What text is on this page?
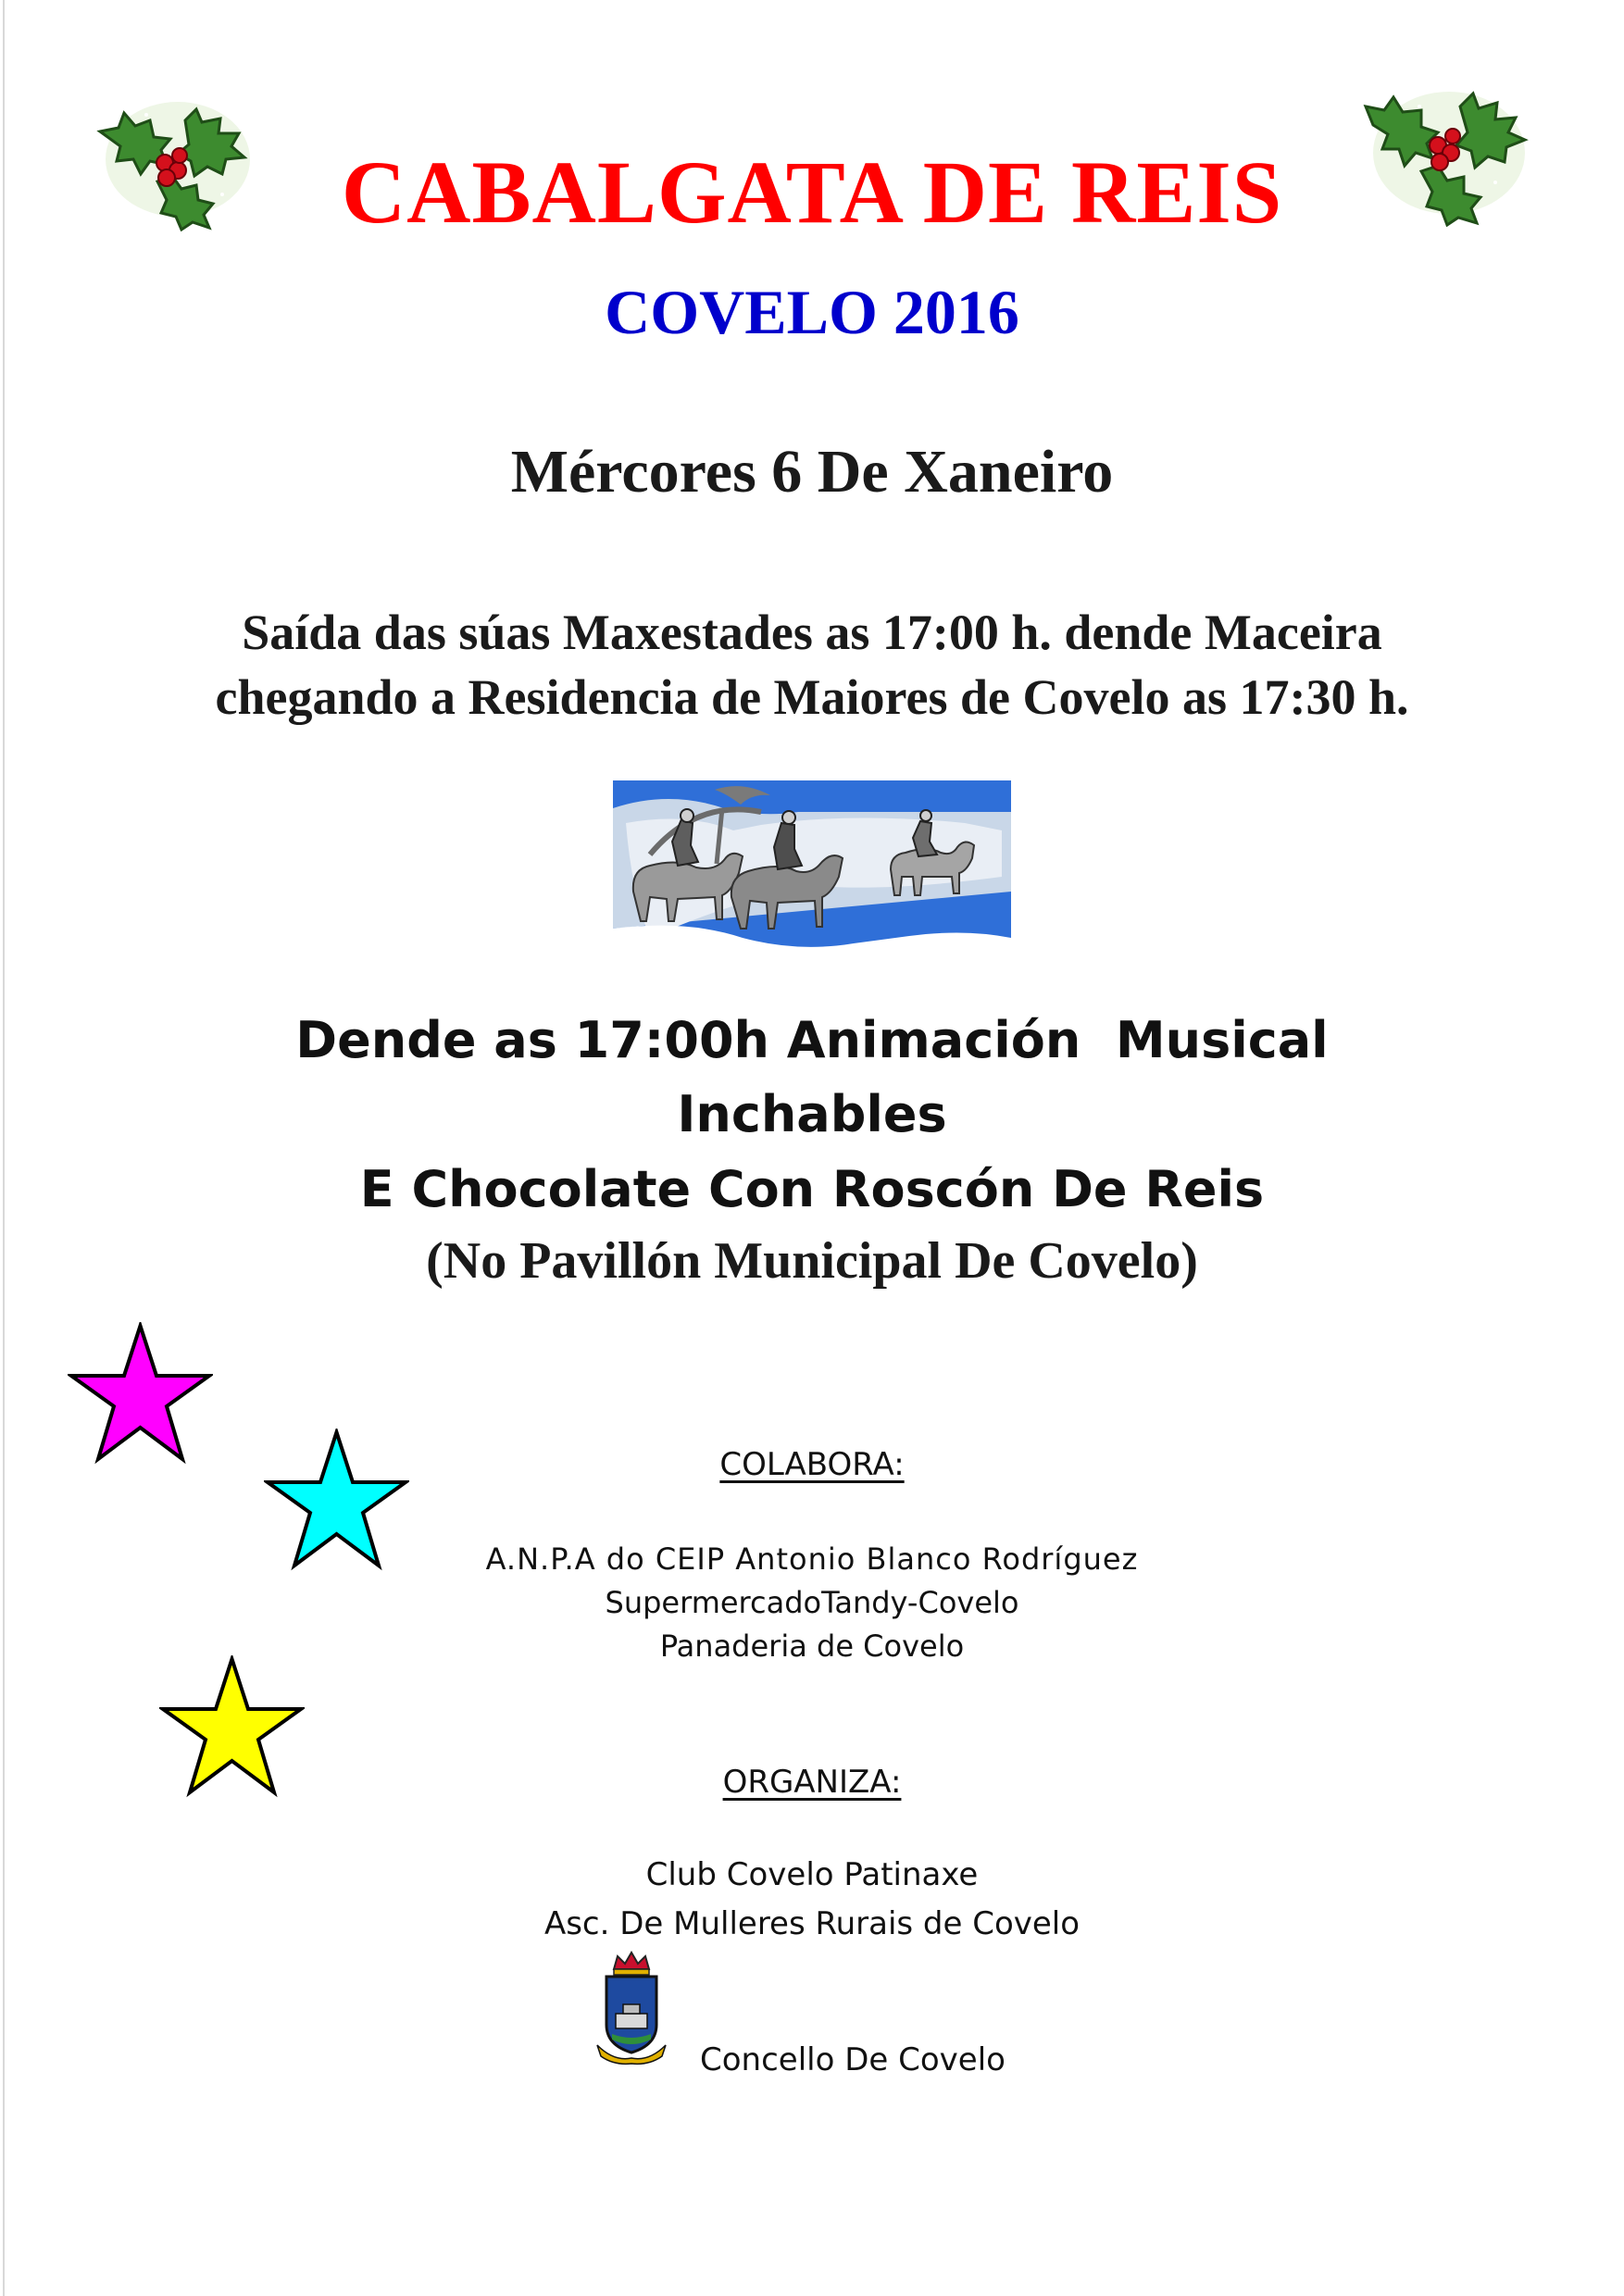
CABALGATA DE REIS
COVELO 2016
Mércores 6 De Xaneiro
Saída das súas Maxestades as 17:00 h. dende Maceira
chegando a Residencia de Maiores de Covelo as 17:30 h.
Dende as 17:00h Animación  Musical
Inchables
E Chocolate Con Roscón De Reis
(No Pavillón Municipal De Covelo)
COLABORA:
A.N.P.A do CEIP Antonio Blanco Rodríguez
SupermercadoTandy-Covelo
Panaderia de Covelo
ORGANIZA:
Club Covelo Patinaxe
Asc. De Mulleres Rurais de Covelo
Concello De Covelo
